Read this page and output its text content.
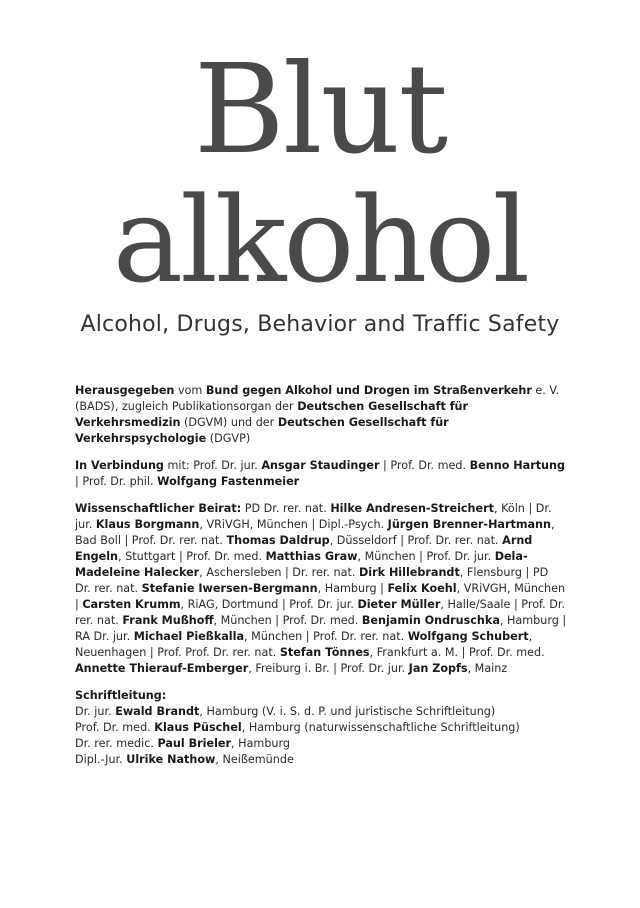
Blut
alkohol
Alcohol, Drugs, Behavior and Traffic Safety

Herausgegeben vom Bund gegen Alkohol und Drogen im Straßenverkehr e. V. (BADS), zugleich Publikationsorgan der Deutschen Gesellschaft für Verkehrsmedizin (DGVM) und der Deutschen Gesellschaft für Verkehrspsychologie (DGVP)

In Verbindung mit: Prof. Dr. jur. Ansgar Staudinger | Prof. Dr. med. Benno Hartung | Prof. Dr. phil. Wolfgang Fastenmeier

Wissenschaftlicher Beirat: PD Dr. rer. nat. Hilke Andresen-Streichert, Köln | Dr. jur. Klaus Borgmann, VRiVGH, München | Dipl.-Psych. Jürgen Brenner-Hartmann, Bad Boll | Prof. Dr. rer. nat. Thomas Daldrup, Düsseldorf | Prof. Dr. rer. nat. Arnd Engeln, Stuttgart | Prof. Dr. med. Matthias Graw, München | Prof. Dr. jur. Dela-Madeleine Halecker, Aschersleben | Dr. rer. nat. Dirk Hillebrandt, Flensburg | PD Dr. rer. nat. Stefanie Iwersen-Bergmann, Hamburg | Felix Koehl, VRiVGH, München | Carsten Krumm, RiAG, Dortmund | Prof. Dr. jur. Dieter Müller, Halle/Saale | Prof. Dr. rer. nat. Frank Mußhoff, München | Prof. Dr. med. Benjamin Ondruschka, Hamburg | RA Dr. jur. Michael Pießkalla, München | Prof. Dr. rer. nat. Wolfgang Schubert, Neuenhagen | Prof. Prof. Dr. rer. nat. Stefan Tönnes, Frankfurt a. M. | Prof. Dr. med. Annette Thierauf-Emberger, Freiburg i. Br. | Prof. Dr. jur. Jan Zopfs, Mainz

Schriftleitung:

Dr. jur. Ewald Brandt, Hamburg (V. i. S. d. P. und juristische Schriftleitung)

Prof. Dr. med. Klaus Püschel, Hamburg (naturwissenschaftliche Schriftleitung)

Dr. rer. medic. Paul Brieler, Hamburg

Dipl.-Jur. Ulrike Nathow, Neißemünde
